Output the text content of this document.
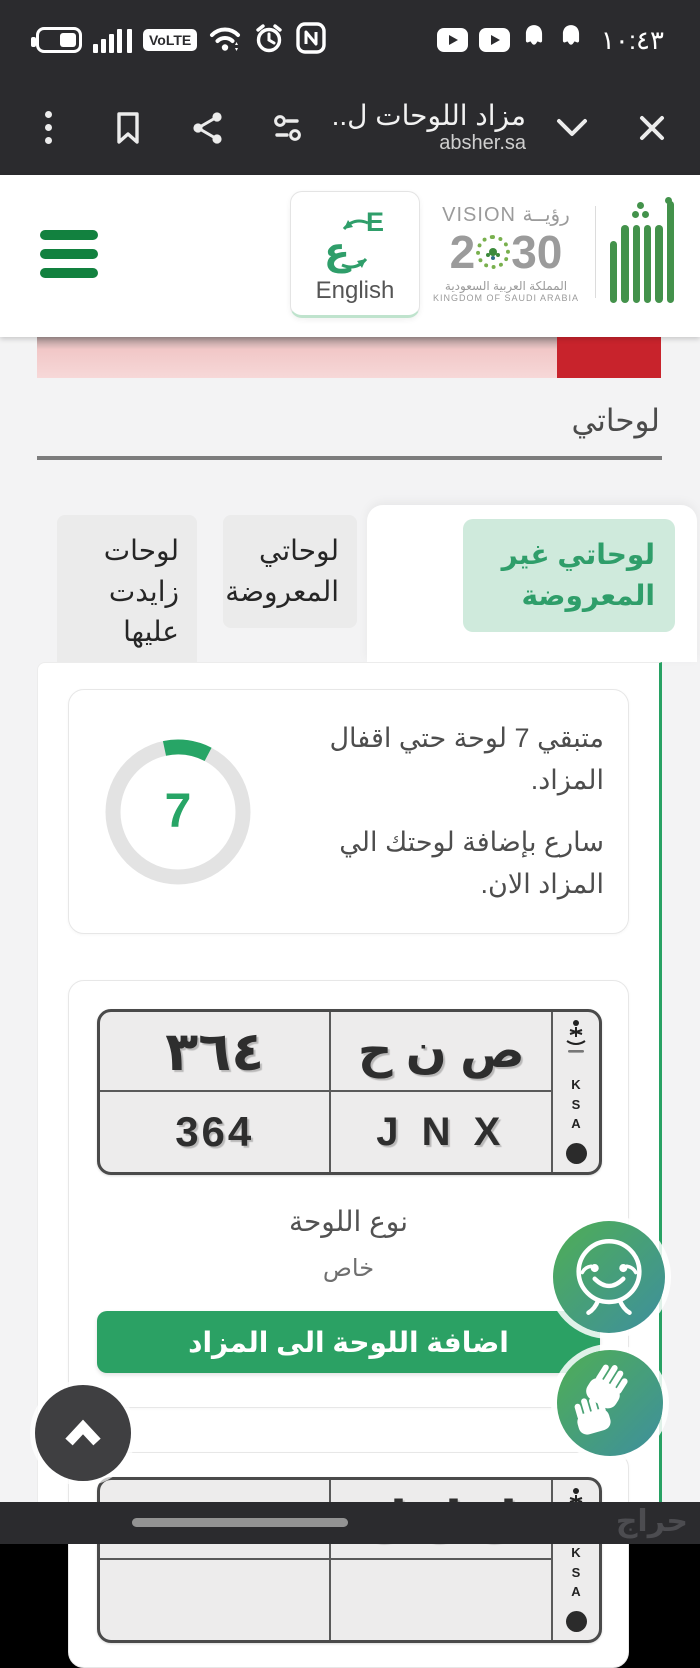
VoLTE	١٠:٤٣
مزاد اللوحات ل..
absher.sa
ع
E
English
VISION رؤيــة
2 30
المملكة العربية السعودية
KINGDOM OF SAUDI ARABIA
لوحاتي
لوحاتي غير المعروضة
لوحاتي المعروضة
لوحات زايدت عليها

متبقي 7 لوحة حتي اقفال المزاد.

سارع بإضافة لوحتك الي المزاد الان.

7
٣٦٤
364
ص ن ح
J N X
KSA
نوع اللوحة
خاص
اضافة اللوحة الى المزاد
KSA
حراج
